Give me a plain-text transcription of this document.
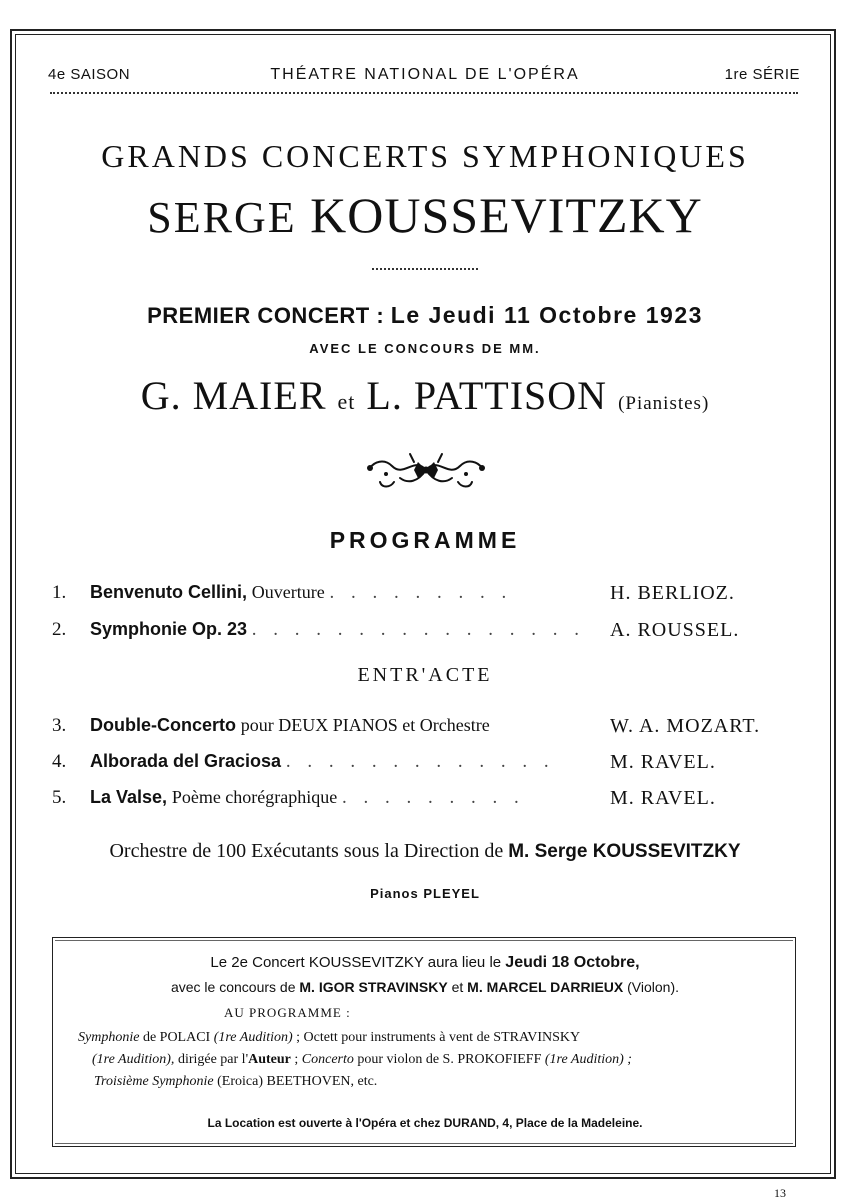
4e SAISON	THÉATRE NATIONAL DE L'OPÉRA	1re SÉRIE
GRANDS CONCERTS SYMPHONIQUES
SERGE KOUSSEVITZKY
PREMIER CONCERT : Le Jeudi 11 Octobre 1923
AVEC LE CONCOURS DE MM.
G. MAIER et L. PATTISON (Pianistes)
PROGRAMME
1. Benvenuto Cellini, Ouverture . . . . . . . . .	H. BERLIOZ.
2. Symphonie Op. 23 . . . . . . . . . . . . . . . . A. ROUSSEL.
ENTR'ACTE
3. Double-Concerto pour DEUX PIANOS et Orchestre	W. A. MOZART.
4. Alborada del Graciosa . . . . . . . . . . . . .	M. RAVEL.
5. La Valse, Poème chorégraphique . . . . . . . . .	M. RAVEL.
Orchestre de 100 Exécutants sous la Direction de M. Serge KOUSSEVITZKY
Pianos PLEYEL
Le 2e Concert KOUSSEVITZKY aura lieu le Jeudi 18 Octobre,
avec le concours de M. IGOR STRAVINSKY et M. MARCEL DARRIEUX (Violon).
AU PROGRAMME :
Symphonie de POLACI (1re Audition) ; Octett pour instruments à vent de STRAVINSKY
(1re Audition), dirigée par l'Auteur ; Concerto pour violon de S. PROKOFIEFF (1re Audition) ;
Troisième Symphonie (Eroica) BEETHOVEN, etc.
La Location est ouverte à l'Opéra et chez DURAND, 4, Place de la Madeleine.
13
